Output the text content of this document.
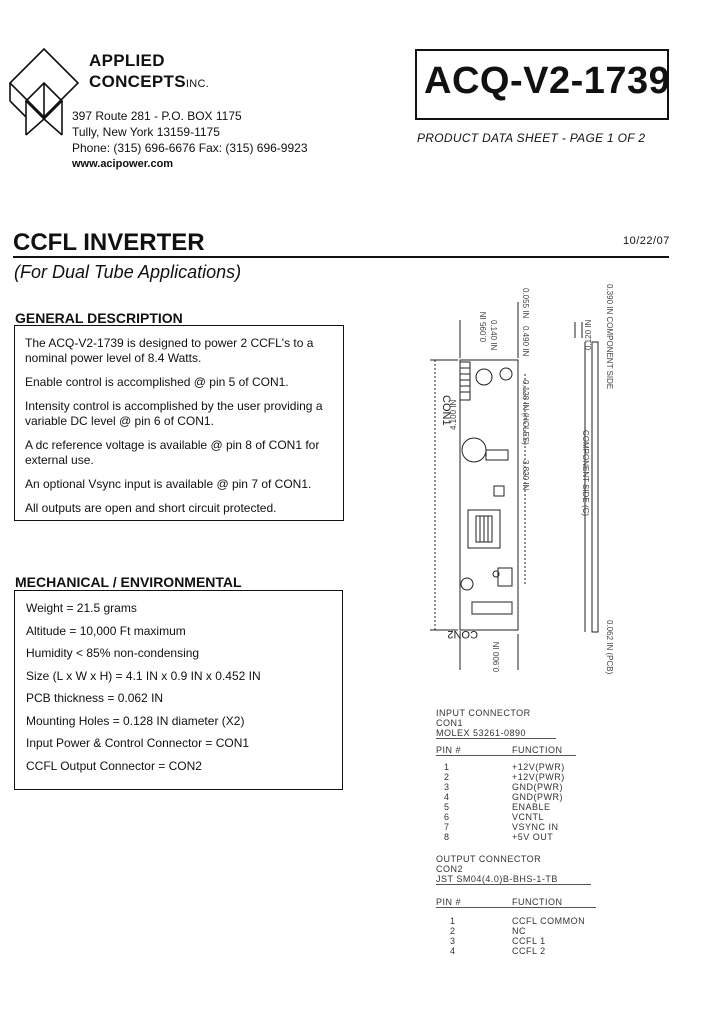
APPLIED
CONCEPTSINC.
397 Route 281 - P.O. BOX 1175
Tully, New York 13159-1175
Phone: (315) 696-6676 Fax: (315) 696-9923
www.acipower.com
ACQ-V2-1739
PRODUCT DATA SHEET - PAGE 1 OF 2
CCFL INVERTER
(For Dual Tube Applications)
10/22/07
GENERAL DESCRIPTION

The ACQ-V2-1739 is designed to power 2 CCFL's to a nominal power level of 8.4 Watts.

Enable control is accomplished @ pin 5 of CON1.

Intensity control is accomplished by the user providing a variable DC level @ pin 6 of CON1.

A dc reference voltage is available @ pin 8 of CON1 for external use.

An optional Vsync input is available @ pin 7 of CON1.

All outputs are open and short circuit protected.

MECHANICAL / ENVIRONMENTAL

Weight = 21.5 grams

Altitude = 10,000 Ft maximum

Humidity < 85% non-condensing

Size (L x W x H) = 4.1 IN x 0.9 IN x 0.452 IN

PCB thickness = 0.062 IN

Mounting Holes = 0.128 IN diameter (X2)

Input Power & Control Connector = CON1

CCFL Output Connector = CON2

4.100 IN
CON1
CON2
0.095 IN	0.490 IN
0.128 IN (HOLES)
3.820 IN
0.055 IN
0.900 IN
0.120 IN
COMPONENT SIDE (C)
0.390 IN COMPONENT SIDE
0.062 IN (PCB)
0.140 IN
INPUT CONNECTOR
CON1
MOLEX 53261-0890
PIN #	FUNCTION
1	+12V(PWR)
2	+12V(PWR)
3	GND(PWR)
4	GND(PWR)
5	ENABLE
6	VCNTL
7	VSYNC IN
8	+5V OUT
OUTPUT CONNECTOR
CON2
JST SM04(4.0)B-BHS-1-TB
PIN #	FUNCTION
1	CCFL COMMON
2	NC
3	CCFL 1
4	CCFL 2
